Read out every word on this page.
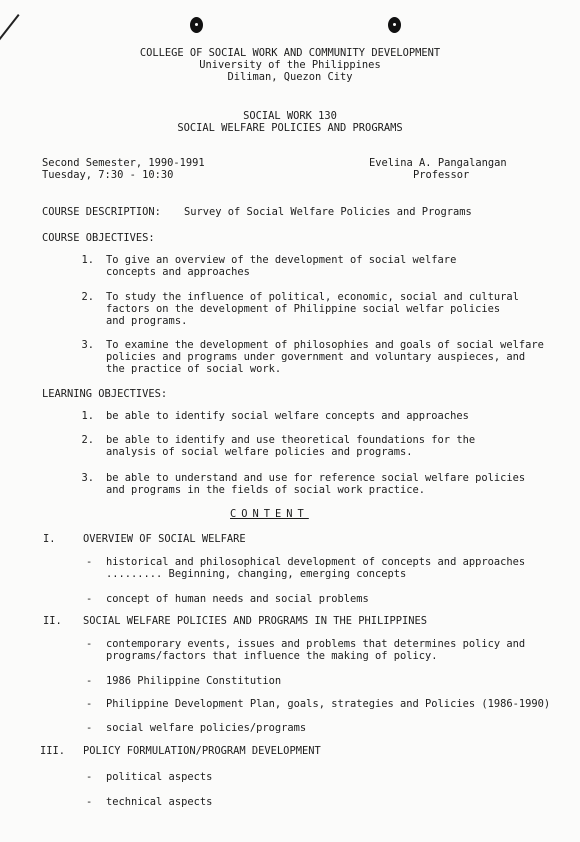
COLLEGE OF SOCIAL WORK AND COMMUNITY DEVELOPMENT
University of the Philippines
Diliman, Quezon City
SOCIAL WORK 130
SOCIAL WELFARE POLICIES AND PROGRAMS
Second Semester, 1990-1991
Tuesday, 7:30 - 10:30
Evelina A. Pangalangan
Professor
COURSE DESCRIPTION: Survey of Social Welfare Policies and Programs
COURSE OBJECTIVES:
1. To give an overview of the development of social welfare
concepts and approaches
2. To study the influence of political, economic, social and cultural
factors on the development of Philippine social welfar policies
and programs.
3. To examine the development of philosophies and goals of social welfare
policies and programs under government and voluntary auspieces, and
the practice of social work.
LEARNING OBJECTIVES:
1. be able to identify social welfare concepts and approaches
2. be able to identify and use theoretical foundations for the
analysis of social welfare policies and programs.
3. be able to understand and use for reference social welfare policies
and programs in the fields of social work practice.
CONTENT
I.	OVERVIEW OF SOCIAL WELFARE
- historical and philosophical development of concepts and approaches
......... Beginning, changing, emerging concepts
- concept of human needs and social problems
II. SOCIAL WELFARE POLICIES AND PROGRAMS IN THE PHILIPPINES
- contemporary events, issues and problems that determines policy and
programs/factors that influence the making of policy.
- 1986 Philippine Constitution
- Philippine Development Plan, goals, strategies and Policies (1986-1990)
- social welfare policies/programs
III. POLICY FORMULATION/PROGRAM DEVELOPMENT
- political aspects
- technical aspects
